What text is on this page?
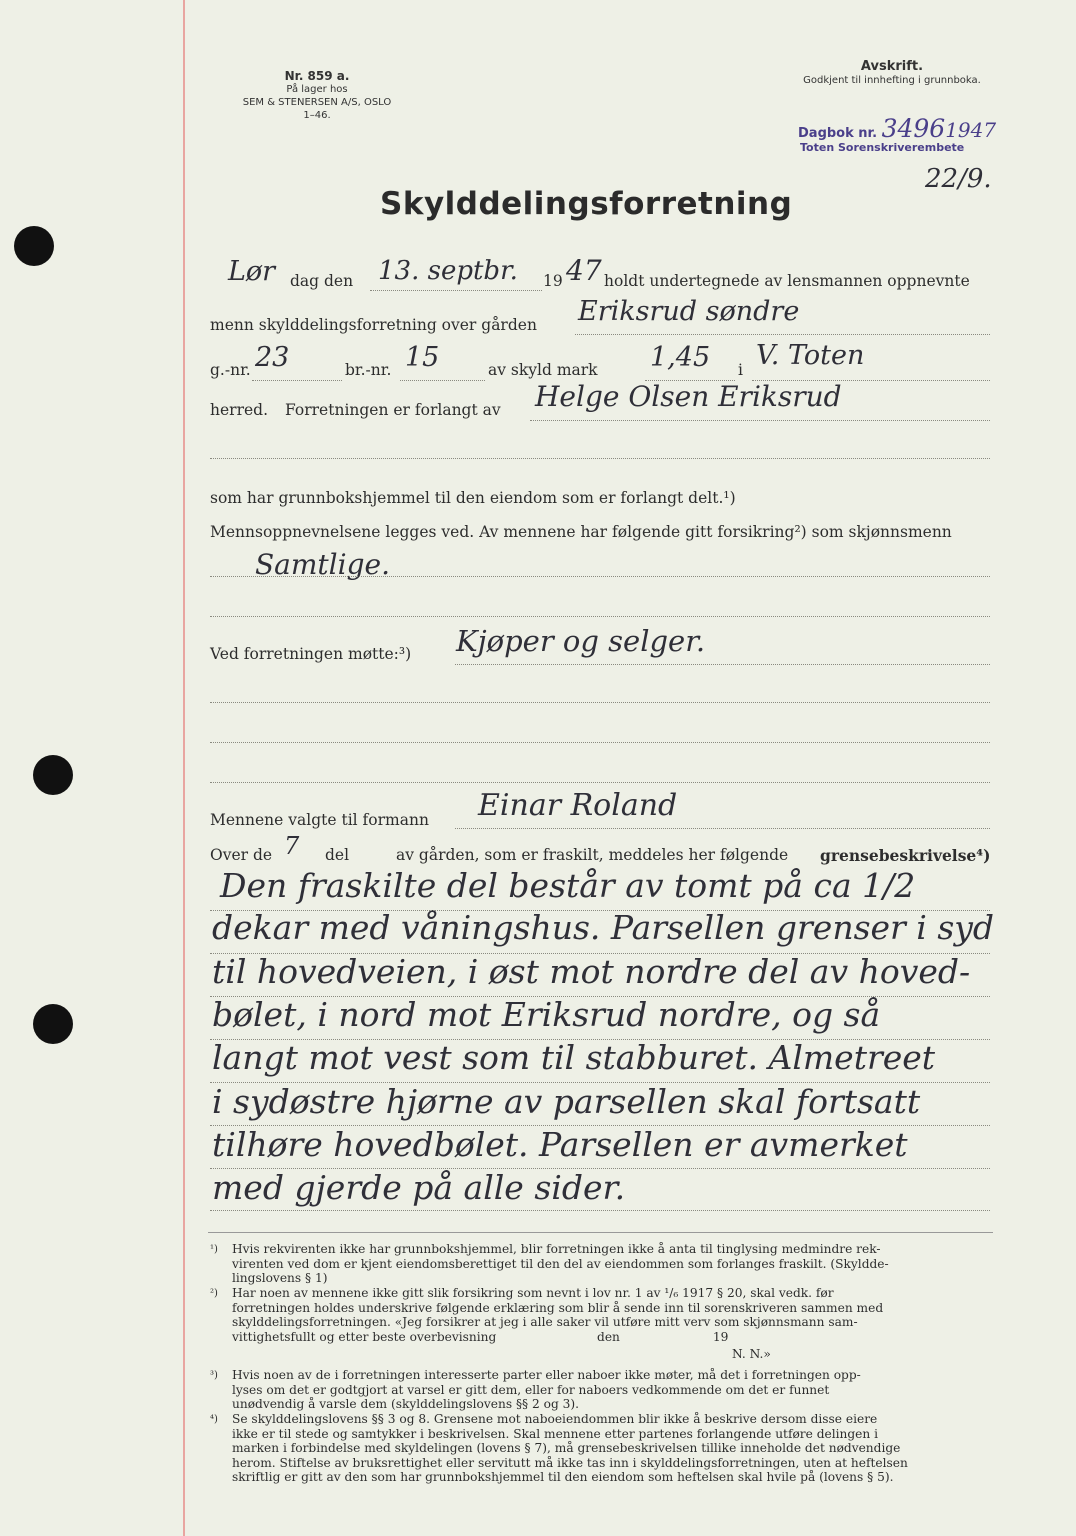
Nr. 859 a.
På lager hos
SEM & STENERSEN A/S, OSLO
1–46.
Avskrift.
Godkjent til innhefting i grunnboka.
Dagbok nr. 34961947
Toten Sorenskriverembete
22/9.
Skylddelingsforretning
Lør dag den 13. septbr. 19 47 holdt undertegnede av lensmannen oppnevnte
menn skylddelingsforretning over gården Eriksrud søndre
g.-nr. 23	br.-nr. 15	av skyld mark 1,45 i V. Toten
herred. Forretningen er forlangt av Helge Olsen Eriksrud
som har grunnbokshjemmel til den eiendom som er forlangt delt.¹)
Mennsoppnevnelsene legges ved. Av mennene har følgende gitt forsikring²) som skjønnsmenn
Samtlige.
Ved forretningen møtte:³) Kjøper og selger.
Mennene valgte til formann Einar Roland
Over de 7 del	av gården, som er fraskilt, meddeles her følgende grensebeskrivelse⁴)
Den fraskilte del består av tomt på ca 1/2
dekar med våningshus. Parsellen grenser i syd
til hovedveien, i øst mot nordre del av hoved-
bølet, i nord mot Eriksrud nordre, og så
langt mot vest som til stabburet. Almetreet
i sydøstre hjørne av parsellen skal fortsatt
tilhøre hovedbølet. Parsellen er avmerket
med gjerde på alle sider.
¹) Hvis rekvirenten ikke har grunnbokshjemmel, blir forretningen ikke å anta til tinglysing medmindre rek-
virenten ved dom er kjent eiendomsberettiget til den del av eiendommen som forlanges fraskilt. (Skyldde-
lingslovens § 1)
²) Har noen av mennene ikke gitt slik forsikring som nevnt i lov nr. 1 av ¹/₆ 1917 § 20, skal vedk. før
forretningen holdes underskrive følgende erklæring som blir å sende inn til sorenskriveren sammen med
skylddelingsforretningen. «Jeg forsikrer at jeg i alle saker vil utføre mitt verv som skjønnsmann sam-
vittighetsfullt og etter beste overbevisning                          den                        19
N. N.»
³) Hvis noen av de i forretningen interesserte parter eller naboer ikke møter, må det i forretningen opp-
lyses om det er godtgjort at varsel er gitt dem, eller for naboers vedkommende om det er funnet
unødvendig å varsle dem (skylddelingslovens §§ 2 og 3).
⁴) Se skylddelingslovens §§ 3 og 8. Grensene mot naboeiendommen blir ikke å beskrive dersom disse eiere
ikke er til stede og samtykker i beskrivelsen. Skal mennene etter partenes forlangende utføre delingen i
marken i forbindelse med skyldelingen (lovens § 7), må grensebeskrivelsen tillike inneholde det nødvendige
herom. Stiftelse av bruksrettighet eller servitutt må ikke tas inn i skylddelingsforretningen, uten at heftelsen
skriftlig er gitt av den som har grunnbokshjemmel til den eiendom som heftelsen skal hvile på (lovens § 5).
